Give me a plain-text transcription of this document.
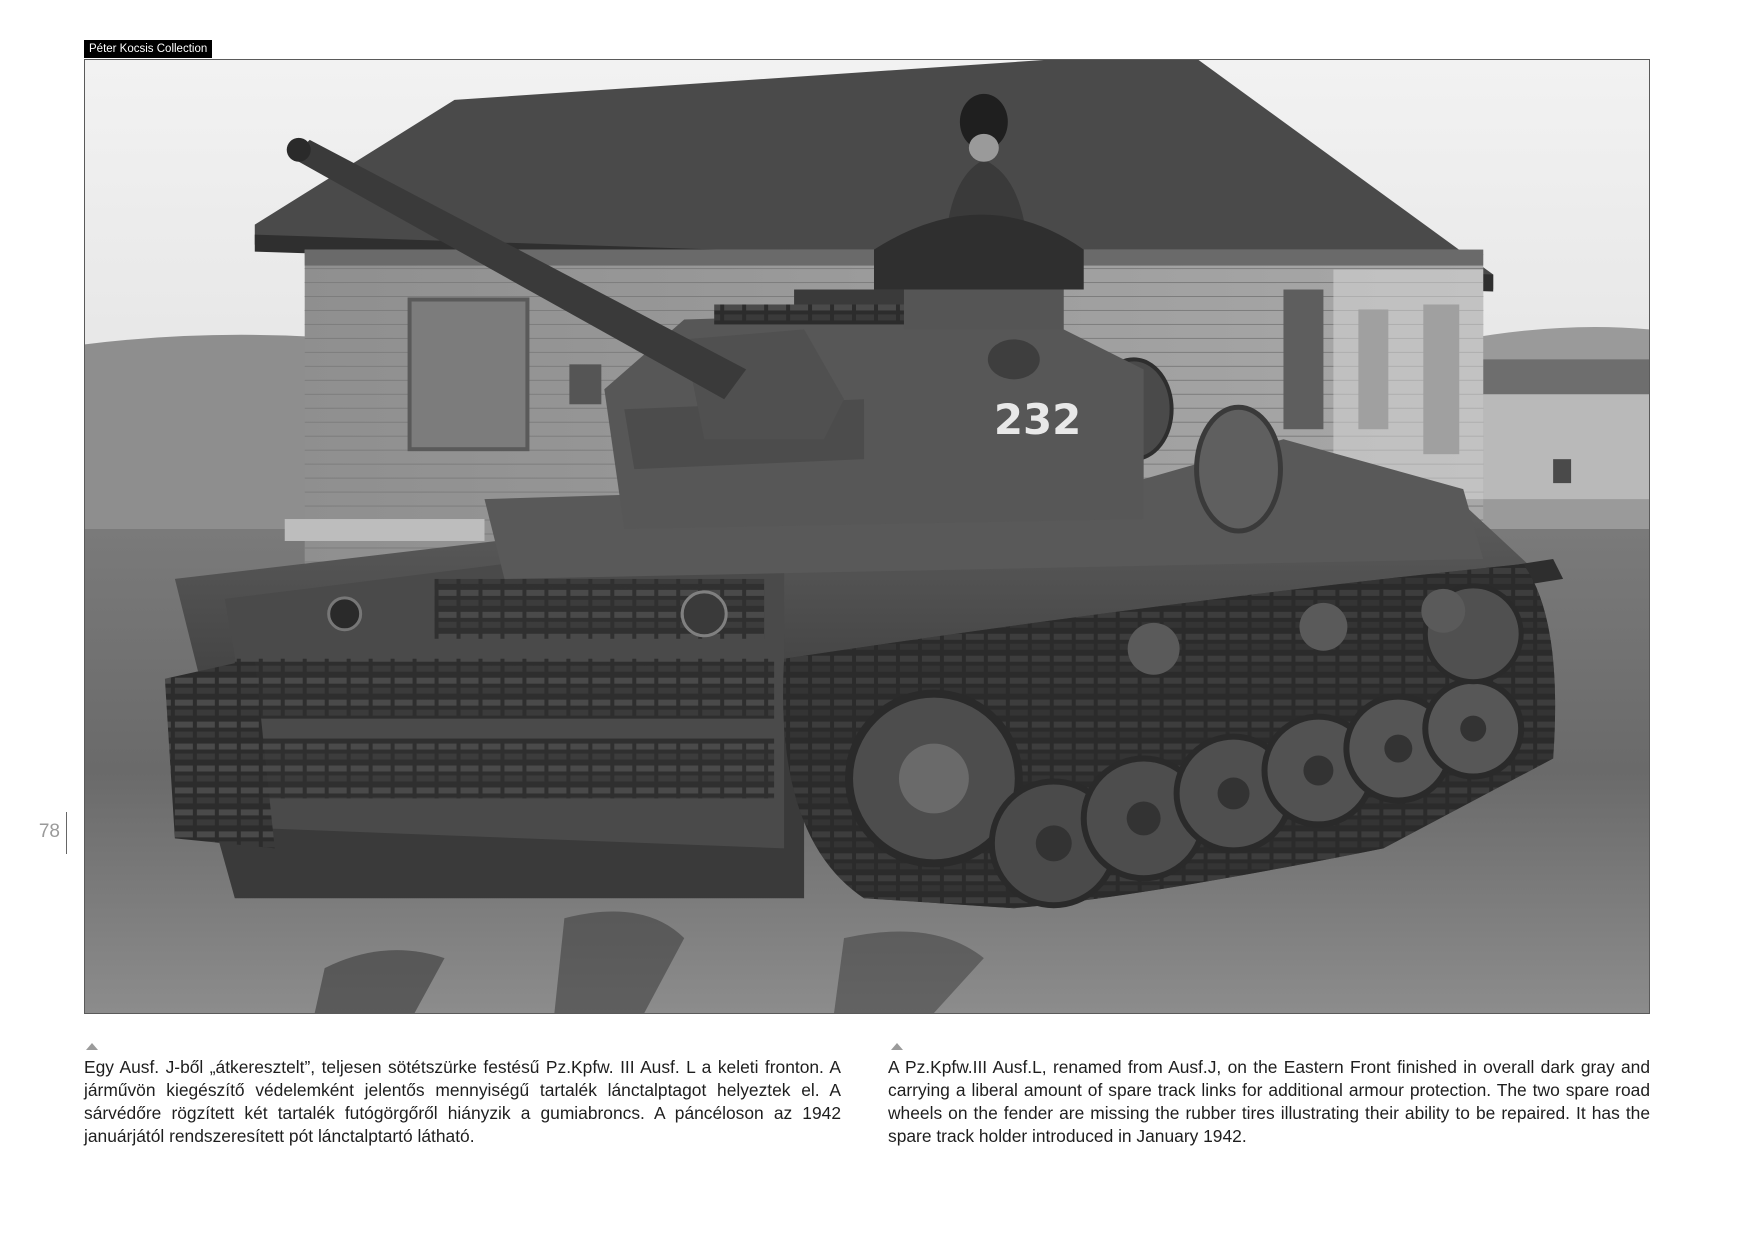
Péter Kocsis Collection
232
78
Egy Ausf. J-ből „átkeresztelt”, teljesen sötétszürke festésű Pz.Kpfw. III Ausf. L a keleti fronton. A járművön kiegészítő védelemként jelentős mennyiségű tartalék lánctalptagot helyeztek el. A sárvédőre rögzített két tartalék futógörgőről hiányzik a gumiabroncs. A páncéloson az 1942 januárjától rendszeresített pót lánctalptartó látható.
A Pz.Kpfw.III Ausf.L, renamed from Ausf.J, on the Eastern Front finished in overall dark gray and carrying a liberal amount of spare track links for additional armour protection. The two spare road wheels on the fender are missing the rubber tires illustrating their ability to be repaired. It has the spare track holder introduced in January 1942.
